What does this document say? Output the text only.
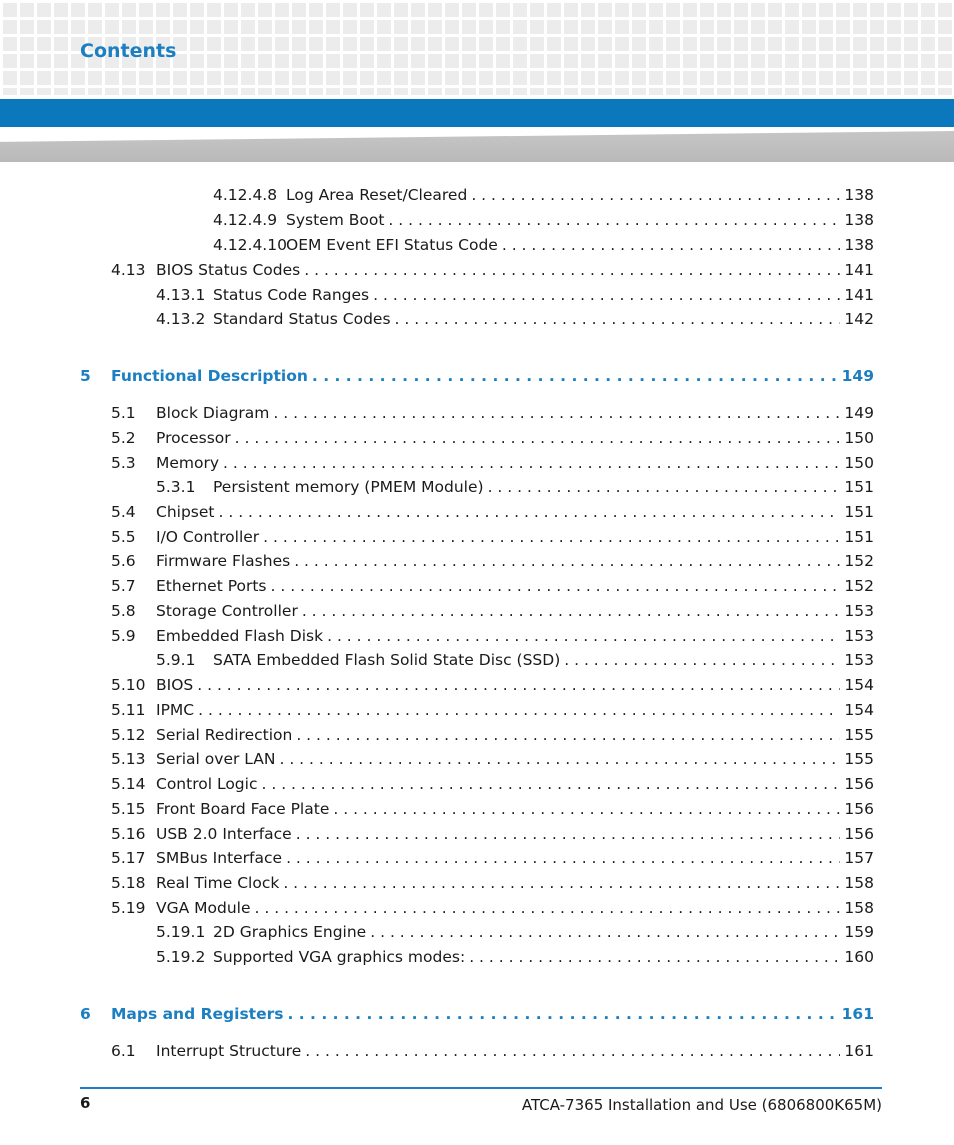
Contents
4.12.4.8 Log Area Reset/Cleared . . .	138
4.12.4.9 System Boot . . .	138
4.12.4.10 OEM Event EFI Status Code . . .	138
4.13 BIOS Status Codes . . .	141
4.13.1 Status Code Ranges . . .	141
4.13.2 Standard Status Codes . . .	142
5	Functional Description . . .	149
5.1	Block Diagram . . .	149
5.2	Processor . . .	150
5.3	Memory . . .	150
5.3.1	Persistent memory (PMEM Module) . . .	151
5.4	Chipset . . .	151
5.5	I/O Controller . . .	151
5.6	Firmware Flashes . . .	152
5.7	Ethernet Ports . . .	152
5.8	Storage Controller . . .	153
5.9	Embedded Flash Disk . . .	153
5.9.1	SATA Embedded Flash Solid State Disc (SSD) . . .	153
5.10 BIOS . . .	154
5.11 IPMC . . .	154
5.12 Serial Redirection . . .	155
5.13 Serial over LAN . . .	155
5.14 Control Logic . . .	156
5.15 Front Board Face Plate . . .	156
5.16 USB 2.0 Interface . . .	156
5.17 SMBus Interface . . .	157
5.18 Real Time Clock . . .	158
5.19 VGA Module . . .	158
5.19.1 2D Graphics Engine . . .	159
5.19.2 Supported VGA graphics modes: . . .	160
6	Maps and Registers . . .	161
6.1	Interrupt Structure . . .	161
6	ATCA-7365 Installation and Use (6806800K65M)
